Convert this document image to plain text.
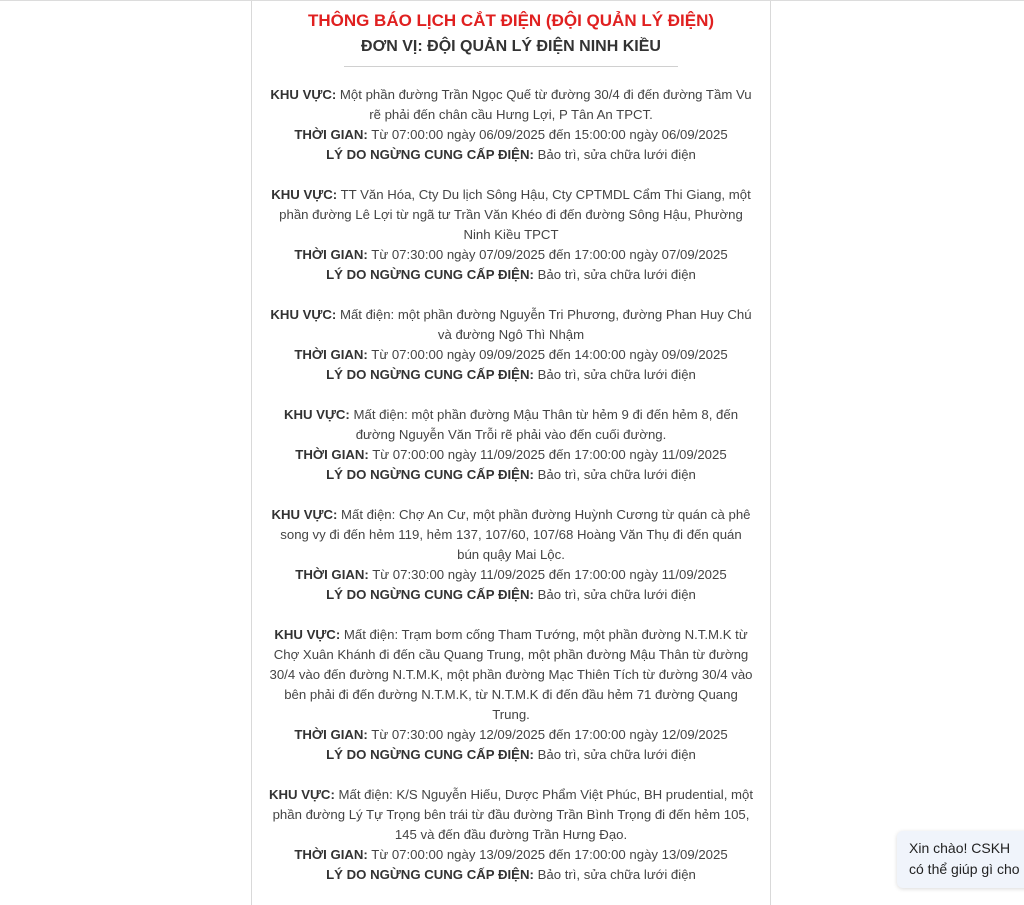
THÔNG BÁO LỊCH CẮT ĐIỆN (ĐỘI QUẢN LÝ ĐIỆN)
ĐƠN VỊ: ĐỘI QUẢN LÝ ĐIỆN NINH KIỀU

KHU VỰC: Một phần đường Trần Ngọc Quế từ đường 30/4 đi đến đường Tầm Vu rẽ phải đến chân cầu Hưng Lợi, P Tân An TPCT.

THỜI GIAN: Từ 07:00:00 ngày 06/09/2025 đến 15:00:00 ngày 06/09/2025

LÝ DO NGỪNG CUNG CẤP ĐIỆN: Bảo trì, sửa chữa lưới điện

KHU VỰC: TT Văn Hóa, Cty Du lịch Sông Hậu, Cty CPTMDL Cẩm Thi Giang, một phần đường Lê Lợi từ ngã tư Trần Văn Khéo đi đến đường Sông Hậu, Phường Ninh Kiều TPCT

THỜI GIAN: Từ 07:30:00 ngày 07/09/2025 đến 17:00:00 ngày 07/09/2025

LÝ DO NGỪNG CUNG CẤP ĐIỆN: Bảo trì, sửa chữa lưới điện

KHU VỰC: Mất điện: một phần đường Nguyễn Tri Phương, đường Phan Huy Chú và đường Ngô Thì Nhậm

THỜI GIAN: Từ 07:00:00 ngày 09/09/2025 đến 14:00:00 ngày 09/09/2025

LÝ DO NGỪNG CUNG CẤP ĐIỆN: Bảo trì, sửa chữa lưới điện

KHU VỰC: Mất điện: một phần đường Mậu Thân từ hẻm 9 đi đến hẻm 8, đến đường Nguyễn Văn Trỗi rẽ phải vào đến cuối đường.

THỜI GIAN: Từ 07:00:00 ngày 11/09/2025 đến 17:00:00 ngày 11/09/2025

LÝ DO NGỪNG CUNG CẤP ĐIỆN: Bảo trì, sửa chữa lưới điện

KHU VỰC: Mất điện: Chợ An Cư, một phần đường Huỳnh Cương từ quán cà phê song vy đi đến hẻm 119, hẻm 137, 107/60, 107/68 Hoàng Văn Thụ đi đến quán bún quậy Mai Lộc.

THỜI GIAN: Từ 07:30:00 ngày 11/09/2025 đến 17:00:00 ngày 11/09/2025

LÝ DO NGỪNG CUNG CẤP ĐIỆN: Bảo trì, sửa chữa lưới điện

KHU VỰC: Mất điện: Trạm bơm cống Tham Tướng, một phần đường N.T.M.K từ Chợ Xuân Khánh đi đến cầu Quang Trung, một phần đường Mậu Thân từ đường 30/4 vào đến đường N.T.M.K, một phần đường Mạc Thiên Tích từ đường 30/4 vào bên phải đi đến đường N.T.M.K, từ N.T.M.K đi đến đầu hẻm 71 đường Quang Trung.

THỜI GIAN: Từ 07:30:00 ngày 12/09/2025 đến 17:00:00 ngày 12/09/2025

LÝ DO NGỪNG CUNG CẤP ĐIỆN: Bảo trì, sửa chữa lưới điện

KHU VỰC: Mất điện: K/S Nguyễn Hiếu, Dược Phẩm Việt Phúc, BH prudential, một phần đường Lý Tự Trọng bên trái từ đầu đường Trần Bình Trọng đi đến hẻm 105, 145 và đến đầu đường Trần Hưng Đạo.

THỜI GIAN: Từ 07:00:00 ngày 13/09/2025 đến 17:00:00 ngày 13/09/2025

LÝ DO NGỪNG CUNG CẤP ĐIỆN: Bảo trì, sửa chữa lưới điện

Xin chào! CSKH

có thể giúp gì cho
